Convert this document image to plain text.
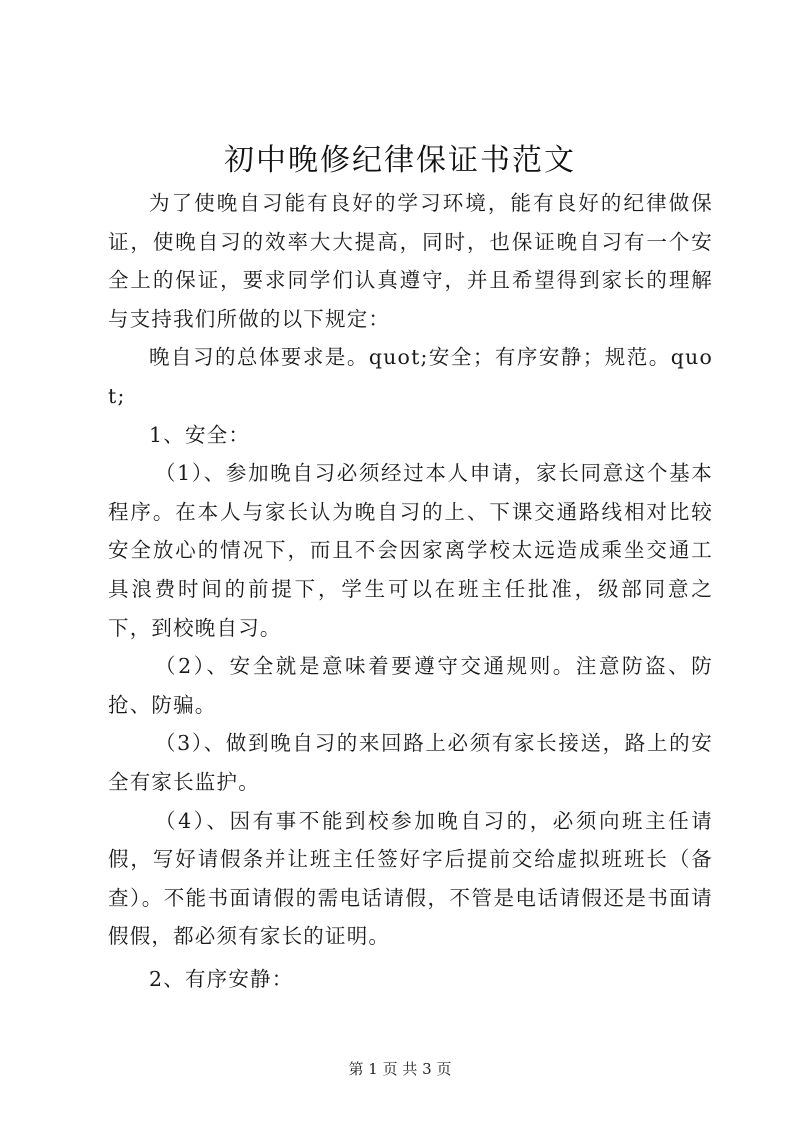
初中晚修纪律保证书范文

为了使晚自习能有良好的学习环境，能有良好的纪律做保证，使晚自习的效率大大提高，同时，也保证晚自习有一个安全上的保证，要求同学们认真遵守，并且希望得到家长的理解与支持我们所做的以下规定：

晚自习的总体要求是。quot;安全；有序安静；规范。quot;

1、安全：

（1）、参加晚自习必须经过本人申请，家长同意这个基本程序。在本人与家长认为晚自习的上、下课交通路线相对比较安全放心的情况下，而且不会因家离学校太远造成乘坐交通工具浪费时间的前提下，学生可以在班主任批准，级部同意之下，到校晚自习。

（2）、安全就是意味着要遵守交通规则。注意防盗、防抢、防骗。

（3）、做到晚自习的来回路上必须有家长接送，路上的安全有家长监护。

（4）、因有事不能到校参加晚自习的，必须向班主任请假，写好请假条并让班主任签好字后提前交给虚拟班班长（备查）。不能书面请假的需电话请假，不管是电话请假还是书面请假假，都必须有家长的证明。

2、有序安静：

第 1 页 共 3 页
